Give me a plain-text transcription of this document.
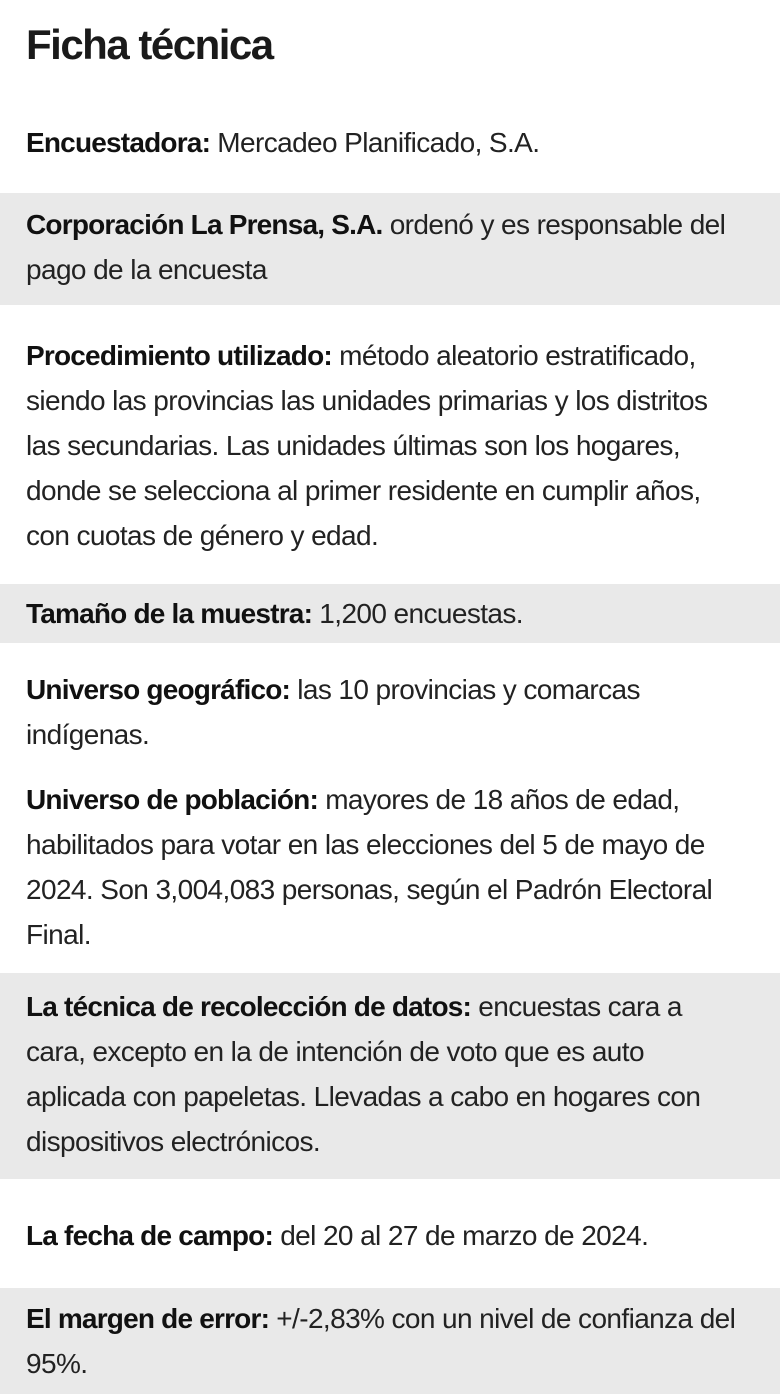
Ficha técnica
Encuestadora: Mercadeo Planificado, S.A.
Corporación La Prensa, S.A. ordenó y es responsable del pago de la encuesta
Procedimiento utilizado: método aleatorio estratificado, siendo las provincias las unidades primarias y los distritos las secundarias. Las unidades últimas son los hogares, donde se selecciona al primer residente en cumplir años, con cuotas de género y edad.
Tamaño de la muestra: 1,200 encuestas.
Universo geográfico: las 10 provincias y comarcas indígenas.
Universo de población: mayores de 18 años de edad, habilitados para votar en las elecciones del 5 de mayo de 2024. Son 3,004,083 personas, según el Padrón Electoral Final.
La técnica de recolección de datos: encuestas cara a cara, excepto en la de intención de voto que es auto aplicada con papeletas. Llevadas a cabo en hogares con dispositivos electrónicos.
La fecha de campo: del 20 al 27 de marzo de 2024.
El margen de error: +/-2,83% con un nivel de confianza del 95%.
